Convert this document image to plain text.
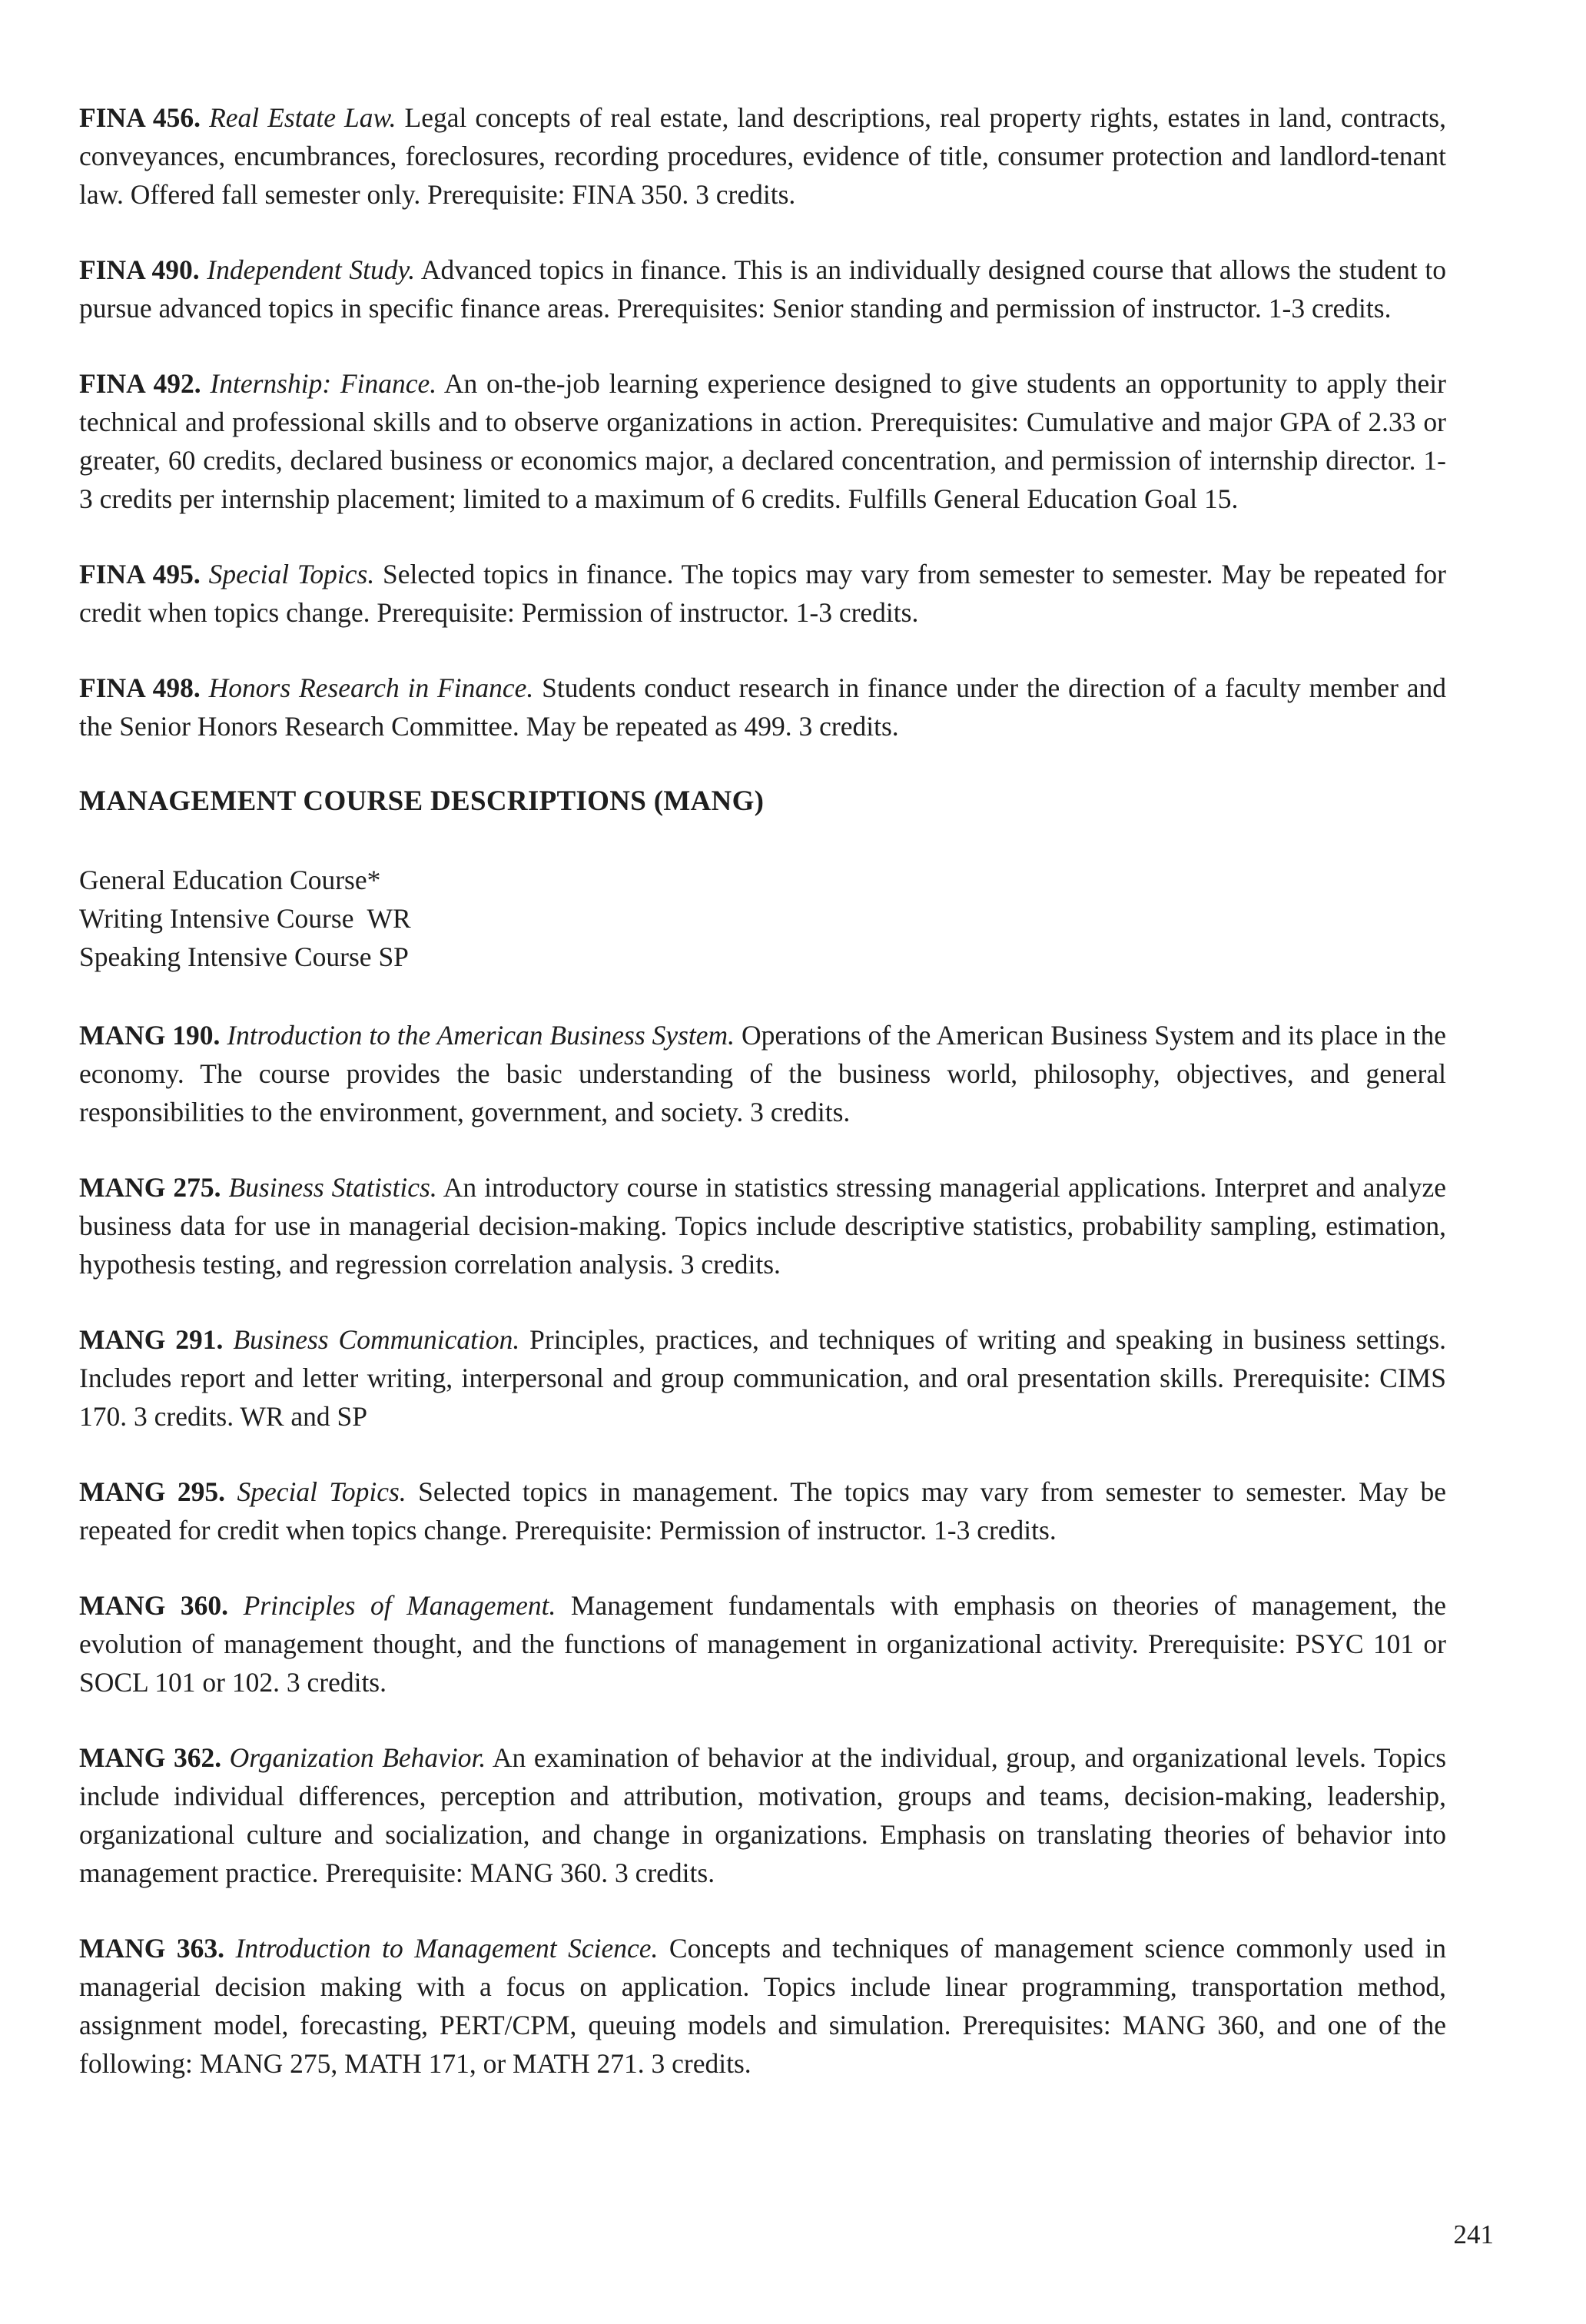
FINA 456. Real Estate Law. Legal concepts of real estate, land descriptions, real property rights, estates in land, contracts, conveyances, encumbrances, foreclosures, recording procedures, evidence of title, consumer protection and landlord-tenant law. Offered fall semester only. Prerequisite: FINA 350. 3 credits.

FINA 490. Independent Study. Advanced topics in finance. This is an individually designed course that allows the student to pursue advanced topics in specific finance areas. Prerequisites: Senior standing and permission of instructor. 1-3 credits.

FINA 492. Internship: Finance. An on-the-job learning experience designed to give students an opportunity to apply their technical and professional skills and to observe organizations in action. Prerequisites: Cumulative and major GPA of 2.33 or greater, 60 credits, declared business or economics major, a declared concentration, and permission of internship director. 1-3 credits per internship placement; limited to a maximum of 6 credits. Fulfills General Education Goal 15.

FINA 495. Special Topics. Selected topics in finance. The topics may vary from semester to semester. May be repeated for credit when topics change. Prerequisite: Permission of instructor. 1-3 credits.

FINA 498. Honors Research in Finance. Students conduct research in finance under the direction of a faculty member and the Senior Honors Research Committee. May be repeated as 499. 3 credits.

MANAGEMENT COURSE DESCRIPTIONS (MANG)
General Education Course*
Writing Intensive Course  WR
Speaking Intensive Course SP

MANG 190. Introduction to the American Business System. Operations of the American Business System and its place in the economy. The course provides the basic understanding of the business world, philosophy, objectives, and general responsibilities to the environment, government, and society. 3 credits.

MANG 275. Business Statistics. An introductory course in statistics stressing managerial applications. Interpret and analyze business data for use in managerial decision-making. Topics include descriptive statistics, probability sampling, estimation, hypothesis testing, and regression correlation analysis. 3 credits.

MANG 291. Business Communication. Principles, practices, and techniques of writing and speaking in business settings. Includes report and letter writing, interpersonal and group communication, and oral presentation skills. Prerequisite: CIMS 170. 3 credits. WR and SP

MANG 295. Special Topics. Selected topics in management. The topics may vary from semester to semester. May be repeated for credit when topics change. Prerequisite: Permission of instructor. 1-3 credits.

MANG 360. Principles of Management. Management fundamentals with emphasis on theories of management, the evolution of management thought, and the functions of management in organizational activity. Prerequisite: PSYC 101 or SOCL 101 or 102. 3 credits.

MANG 362. Organization Behavior. An examination of behavior at the individual, group, and organizational levels. Topics include individual differences, perception and attribution, motivation, groups and teams, decision-making, leadership, organizational culture and socialization, and change in organizations. Emphasis on translating theories of behavior into management practice. Prerequisite: MANG 360. 3 credits.

MANG 363. Introduction to Management Science. Concepts and techniques of management science commonly used in managerial decision making with a focus on application. Topics include linear programming, transportation method, assignment model, forecasting, PERT/CPM, queuing models and simulation. Prerequisites: MANG 360, and one of the following: MANG 275, MATH 171, or MATH 271. 3 credits.

241
